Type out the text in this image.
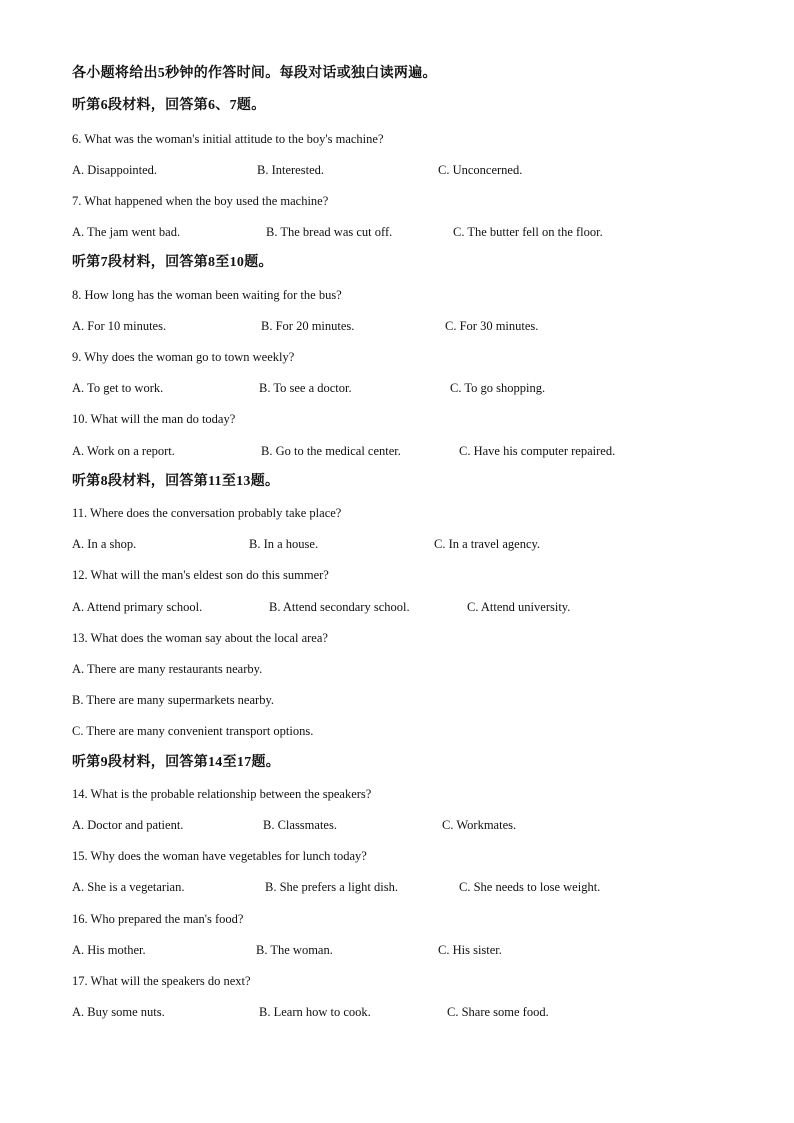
各小题将给出5秒钟的作答时间。每段对话或独白读两遍。
听第6段材料，回答第6、7题。
6. What was the woman's initial attitude to the boy's machine?
A. Disappointed.	B. Interested.	C. Unconcerned.
7. What happened when the boy used the machine?
A. The jam went bad.	B. The bread was cut off.	C. The butter fell on the floor.
听第7段材料，回答第8至10题。
8. How long has the woman been waiting for the bus?
A. For 10 minutes.	B. For 20 minutes.	C. For 30 minutes.
9. Why does the woman go to town weekly?
A. To get to work.	B. To see a doctor.	C. To go shopping.
10. What will the man do today?
A. Work on a report.	B. Go to the medical center.	C. Have his computer repaired.
听第8段材料，回答第11至13题。
11. Where does the conversation probably take place?
A. In a shop.	B. In a house.	C. In a travel agency.
12. What will the man's eldest son do this summer?
A. Attend primary school.	B. Attend secondary school.	C. Attend university.
13. What does the woman say about the local area?
A. There are many restaurants nearby.
B. There are many supermarkets nearby.
C. There are many convenient transport options.
听第9段材料，回答第14至17题。
14. What is the probable relationship between the speakers?
A. Doctor and patient.	B. Classmates.	C. Workmates.
15. Why does the woman have vegetables for lunch today?
A. She is a vegetarian.	B. She prefers a light dish.	C. She needs to lose weight.
16. Who prepared the man's food?
A. His mother.	B. The woman.	C. His sister.
17. What will the speakers do next?
A. Buy some nuts.	B. Learn how to cook.	C. Share some food.
